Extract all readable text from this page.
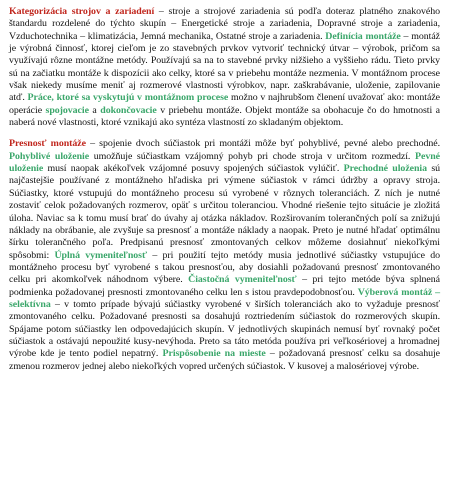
Kategorizácia strojov a zariadení – stroje a strojové zariadenia sú podľa doteraz platného znakového štandardu rozdelené do týchto skupín – Energetické stroje a zariadenia, Dopravné stroje a zariadenia, Vzduchotechnika – klimatizácia, Jemná mechanika, Ostatné stroje a zariadenia. Definícia montáže – montáž je výrobná činnosť, ktorej cieľom je zo stavebných prvkov vytvoriť technický útvar – výrobok, pričom sa využívajú rôzne montážne metódy. Používajú sa na to stavebné prvky nižšieho a vyššieho rádu. Tieto prvky sú na začiatku montáže k dispozícii ako celky, ktoré sa v priebehu montáže nezmenia. V montážnom procese však niekedy musíme meniť aj rozmerové vlastnosti výrobkov, napr. zaškrabávanie, uloženie, zapilovanie atď. Práce, ktoré sa vyskytujú v montážnom procese možno v najhrubšom členení uvažovať ako: montáže operácie spojovacie a dokončovacie v priebehu montáže. Objekt montáže sa obohacuje čo do hmotnosti a naberá nové vlastnosti, ktoré vznikajú ako syntéza vlastností zo skladaným objektom.

Presnosť montáže – spojenie dvoch súčiastok pri montáži môže byť pohyblivé, pevné alebo prechodné. Pohyblivé uloženie umožňuje súčiastkam vzájomný pohyb pri chode stroja v určitom rozmedzí. Pevné uloženie musí naopak akékoľvek vzájomné posuvy spojených súčiastok vylúčiť. Prechodné uloženia sú najčastejšie používané z montážneho hľadiska pri výmene súčiastok v rámci údržby a opravy stroja. Súčiastky, ktoré vstupujú do montážneho procesu sú vyrobené v rôznych toleranciách. Z ních je nutné zostaviť celok požadovaných rozmerov, opäť s určitou toleranciou. Vhodné riešenie tejto situácie je zložitá úloha. Naviac sa k tomu musí brať do úvahy aj otázka nákladov. Rozširovaním tolerančných polí sa znižujú náklady na obrábanie, ale zvyšuje sa presnosť a montáže náklady a naopak. Preto je nutné hľadať optimálnu šírku tolerančného poľa. Predpisanú presnosť zmontovaných celkov môžeme dosiahnuť niekoľkými spôsobmi: Úplná vymeniteľnosť – pri použití tejto metódy musia jednotlivé súčiastky vstupujúce do montážneho procesu byť vyrobené s takou presnosťou, aby dosiahli požadovanú presnosť zmontovaného celku pri akomkoľvek náhodnom výbere. Čiastočná vymeniteľnosť – pri tejto metóde býva splnená podmienka požadovanej presnosti zmontovaného celku len s istou pravdepodobnosťou. Výberová montáž –selektívna – v tomto prípade bývajú súčiastky vyrobené v širších toleranciách ako to vyžaduje presnosť zmontovaného celku. Požadované presnosti sa dosahujú roztriedením súčiastok do rozmerových skupín. Spájame potom súčiastky len odpovedajúcich skupín. V jednotlivých skupinách nemusí byť rovnaký počet súčiastok a ostávajú nepoužité kusy-nevýhoda. Preto sa táto metóda používa pri veľkosériovej a hromadnej výrobe kde je tento podiel nepatrný. Prispôsobenie na mieste – požadovaná presnosť celku sa dosahuje zmenou rozmerov jednej alebo niekoľkých vopred určených súčiastok. V kusovej a malosériovej výrobe.
